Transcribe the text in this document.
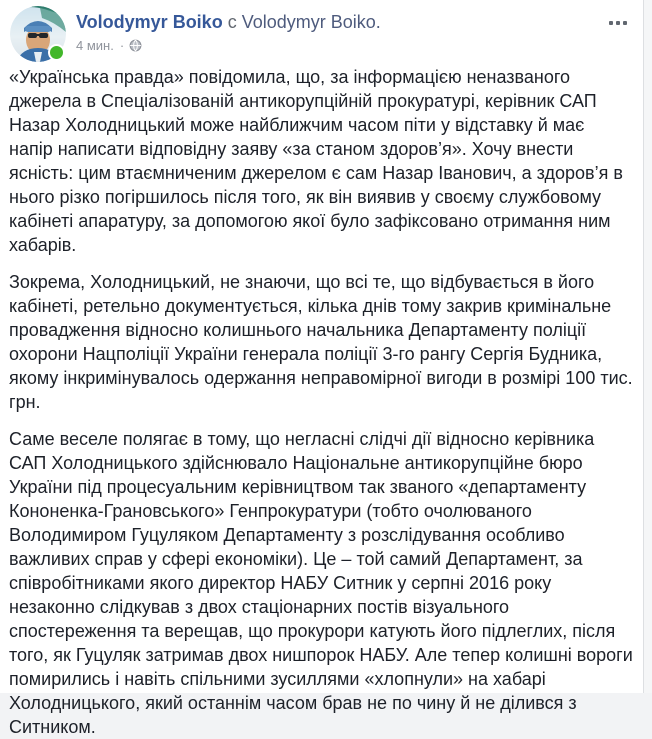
Volodymyr Boiko с Volodymyr Boiko.
4 мин. ·

«Українська правда» повідомила, що, за інформацією неназваного джерела в Спеціалізованій антикорупційній прокуратурі, керівник САП Назар Холодницький може найближчим часом піти у відставку й має напір написати відповідну заяву «за станом здоров’я». Хочу внести ясність: цим втаємниченим джерелом є сам Назар Іванович, а здоров’я в нього різко погіршилось після того, як він виявив у своєму службовому кабінеті апаратуру, за допомогою якої було зафіксовано отримання ним хабарів.

Зокрема, Холодницький, не знаючи, що всі те, що відбувається в його кабінеті, ретельно документується, кілька днів тому закрив кримінальне провадження відносно колишнього начальника Департаменту поліції охорони Нацполіції України генерала поліції 3-го рангу Сергія Будника, якому інкримінувалось одержання неправомірної вигоди в розмірі 100 тис. грн.

Саме веселе полягає в тому, що негласні слідчі дії відносно керівника САП Холодницького здійснювало Національне антикорупційне бюро України під процесуальним керівництвом так званого «департаменту Кононенка-Грановського» Генпрокуратури (тобто очолюваного Володимиром Гуцуляком Департаменту з розслідування особливо важливих справ у сфері економіки). Це – той самий Департамент, за співробітниками якого директор НАБУ Ситник у серпні 2016 року незаконно слідкував з двох стаціонарних постів візуального спостереження та верещав, що прокурори катують його підлеглих, після того, як Гуцуляк затримав двох нишпорок НАБУ. Але тепер колишні вороги помирились і навіть спільними зусиллями «хлопнули» на хабарі Холодницького, який останнім часом брав не по чину й не ділився з Ситником.
